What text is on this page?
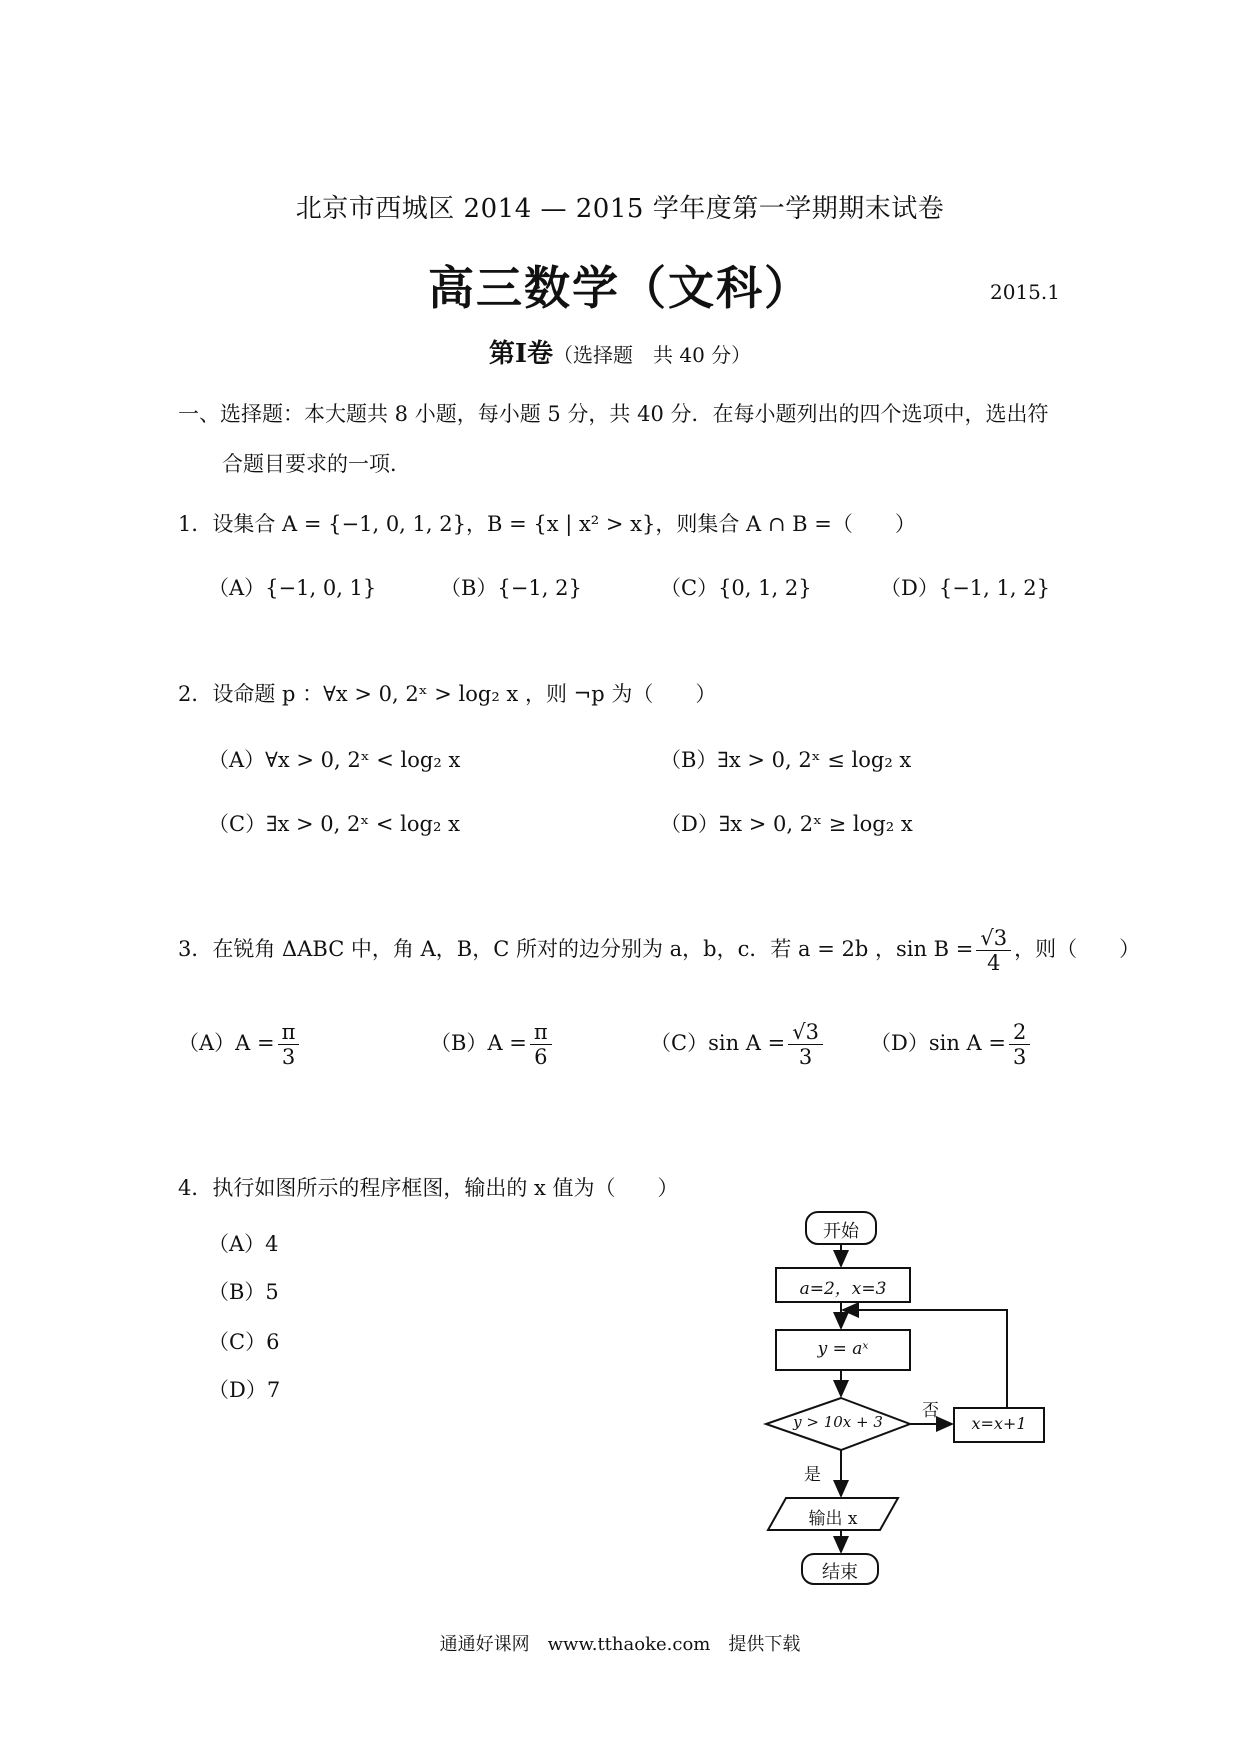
北京市西城区 2014 — 2015 学年度第一学期期末试卷
高三数学（文科）	2015.1
第Ⅰ卷（选择题　共 40 分）
一、选择题：本大题共 8 小题，每小题 5 分，共 40 分．在每小题列出的四个选项中，选出符
合题目要求的一项．
1．设集合 A = {−1, 0, 1, 2}，B = {x | x² > x}，则集合 A ∩ B =（　　）
（A）{−1, 0, 1}	（B）{−1, 2}	（C）{0, 1, 2}	（D）{−1, 1, 2}
2．设命题 p ：∀x > 0, 2ˣ > log₂ x ，则 ¬p 为（　　）
（A）∀x > 0, 2ˣ < log₂ x	（B）∃x > 0, 2ˣ ≤ log₂ x
（C）∃x > 0, 2ˣ < log₂ x	（D）∃x > 0, 2ˣ ≥ log₂ x
3．在锐角 ΔABC 中，角 A，B，C 所对的边分别为 a，b，c．若 a = 2b ，$\sin B = \frac{√3}{4}$ ，则（　　）
$(A)A = \frac{\pi}{3}$	$(B)A = \frac{\pi}{6}$	（C）sin $A = \frac{√3}{3} (D)\sin$ $A = \frac{2}{3}$
4．执行如图所示的程序框图，输出的 x 值为（　　）
（A）4
（B）5
（C）6
（D）7
开始
a=2，x=3
y = aˣ
y > 10x + 3
否
x=x+1
是
输出 x
结束
通通好课网　www.tthaoke.com　提供下载
